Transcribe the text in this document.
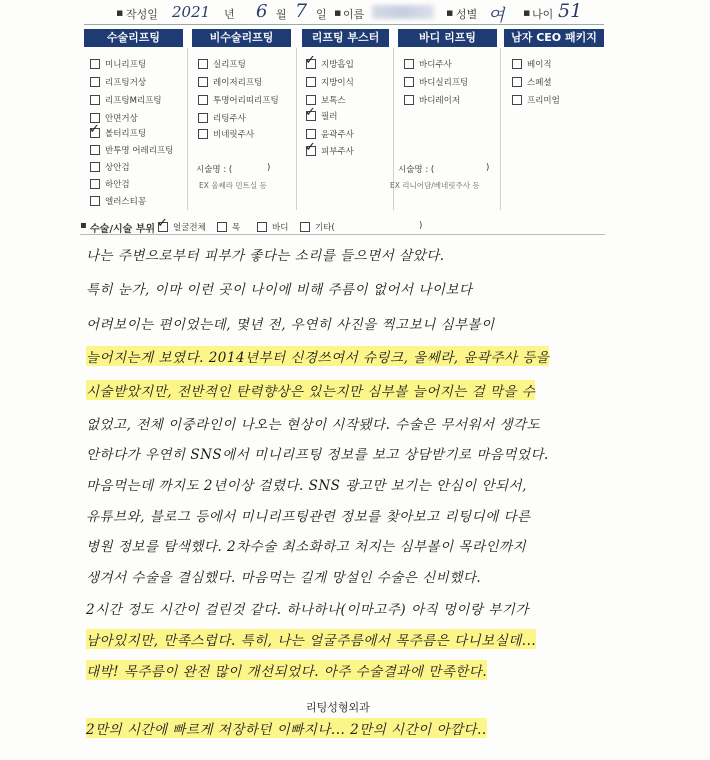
▪ 작성일 2021 년 6 월 7 일 ▪ 이름	▪ 성별 여 ▪ 나이 51
수술리프팅	비수술리프팅	리프팅 부스터	바디 리프팅	남자 CEO 패키지
미니리프팅
리프팅거상
리프팅M리프팅
안면거상
✓
볼터리프팅
반투명 어레리프팅
상안검
하안검
엘러스티꽁
실리프팅
레이저리프팅
투명어리띠리프팅
리팅주사
비네릿주사
시술명 : (	)
EX 울쎄라 민트실 등
✓
지방흡입
지방이식
보톡스
✓
필러
윤곽주사
✓
피부주사
바디주사
바디실리프팅
바디레이저
시술명 : (	)
EX 리니어담/베네릿주사 등
베이직
스페셜
프리미엄
▪ 수술/시술 부위
✓ 얼굴전체	목	바디	기타(	)
나는 주변으로부터 피부가 좋다는 소리를 들으면서 살았다.
특히 눈가, 이마 이런 곳이 나이에 비해 주름이 없어서 나이보다
어려보이는 편이었는데, 몇년 전, 우연히 사진을 찍고보니 심부볼이
늘어지는게 보였다. 2014년부터 신경쓰여서 슈링크, 울쎄라, 윤곽주사 등을
시술받았지만, 전반적인 탄력향상은 있는지만 심부볼 늘어지는 걸 막을 수
없었고, 전체 이중라인이 나오는 현상이 시작됐다. 수술은 무서워서 생각도
안하다가 우연히 SNS에서 미니리프팅 정보를 보고 상담받기로 마음먹었다.
마음먹는데 까지도 2년이상 걸렸다. SNS 광고만 보기는 안심이 안되서,
유튜브와, 블로그 등에서 미니리프팅관련 정보를 찾아보고 리팅디에 다른
병원 정보를 탐색했다. 2차수술 최소화하고 처지는 심부볼이 목라인까지
생겨서 수술을 결심했다. 마음먹는 길게 망설인 수술은 신비했다.
2시간 정도 시간이 걸린것 같다. 하나하나(이마고주) 아직 멍이랑 부기가
남아있지만, 만족스럽다. 특히, 나는 얼굴주름에서 목주름은 다니보실데...
대박! 목주름이 완전 많이 개선되었다. 아주 수술결과에 만족한다.
리팅성형외과
2만의 시간에 빠르게 저장하던 이빠지나... 2만의 시간이 아깝다..
